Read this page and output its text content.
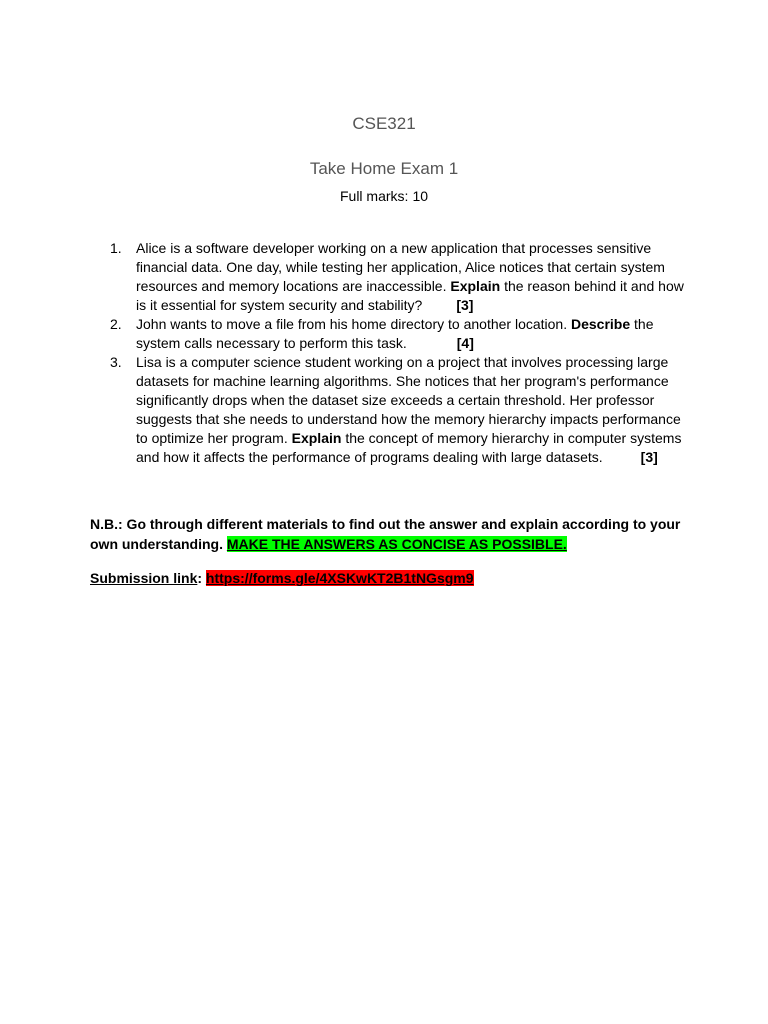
CSE321
Take Home Exam 1
Full marks: 10
1. Alice is a software developer working on a new application that processes sensitive
financial data. One day, while testing her application, Alice notices that certain system
resources and memory locations are inaccessible. Explain the reason behind it and how
is it essential for system security and stability? [3]
2. John wants to move a file from his home directory to another location. Describe the
system calls necessary to perform this task.	[4]
3. Lisa is a computer science student working on a project that involves processing large
datasets for machine learning algorithms. She notices that her program's performance
significantly drops when the dataset size exceeds a certain threshold. Her professor
suggests that she needs to understand how the memory hierarchy impacts performance
to optimize her program. Explain the concept of memory hierarchy in computer systems
and how it affects the performance of programs dealing with large datasets.	[3]
N.B.: Go through different materials to find out the answer and explain according to your
own understanding. MAKE THE ANSWERS AS CONCISE AS POSSIBLE.
Submission link: https://forms.gle/4XSKwKT2B1tNGsgm9
